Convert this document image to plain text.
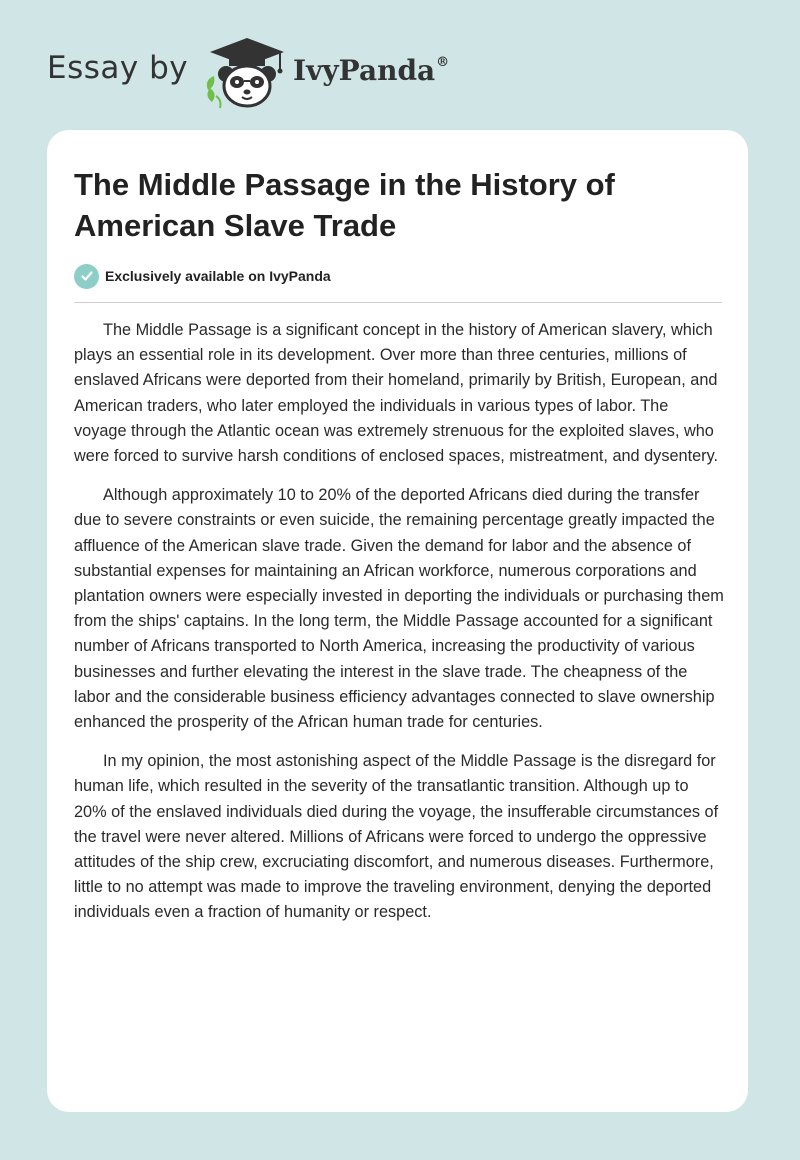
Essay by	IvyPanda®
The Middle Passage in the History of American Slave Trade
Exclusively available on IvyPanda

The Middle Passage is a significant concept in the history of American slavery, which plays an essential role in its development. Over more than three centuries, millions of enslaved Africans were deported from their homeland, primarily by British, European, and American traders, who later employed the individuals in various types of labor. The voyage through the Atlantic ocean was extremely strenuous for the exploited slaves, who were forced to survive harsh conditions of enclosed spaces, mistreatment, and dysentery.

Although approximately 10 to 20% of the deported Africans died during the transfer due to severe constraints or even suicide, the remaining percentage greatly impacted the affluence of the American slave trade. Given the demand for labor and the absence of substantial expenses for maintaining an African workforce, numerous corporations and plantation owners were especially invested in deporting the individuals or purchasing them from the ships' captains. In the long term, the Middle Passage accounted for a significant number of Africans transported to North America, increasing the productivity of various businesses and further elevating the interest in the slave trade. The cheapness of the labor and the considerable business efficiency advantages connected to slave ownership enhanced the prosperity of the African human trade for centuries.

In my opinion, the most astonishing aspect of the Middle Passage is the disregard for human life, which resulted in the severity of the transatlantic transition. Although up to 20% of the enslaved individuals died during the voyage, the insufferable circumstances of the travel were never altered. Millions of Africans were forced to undergo the oppressive attitudes of the ship crew, excruciating discomfort, and numerous diseases. Furthermore, little to no attempt was made to improve the traveling environment, denying the deported individuals even a fraction of humanity or respect.
